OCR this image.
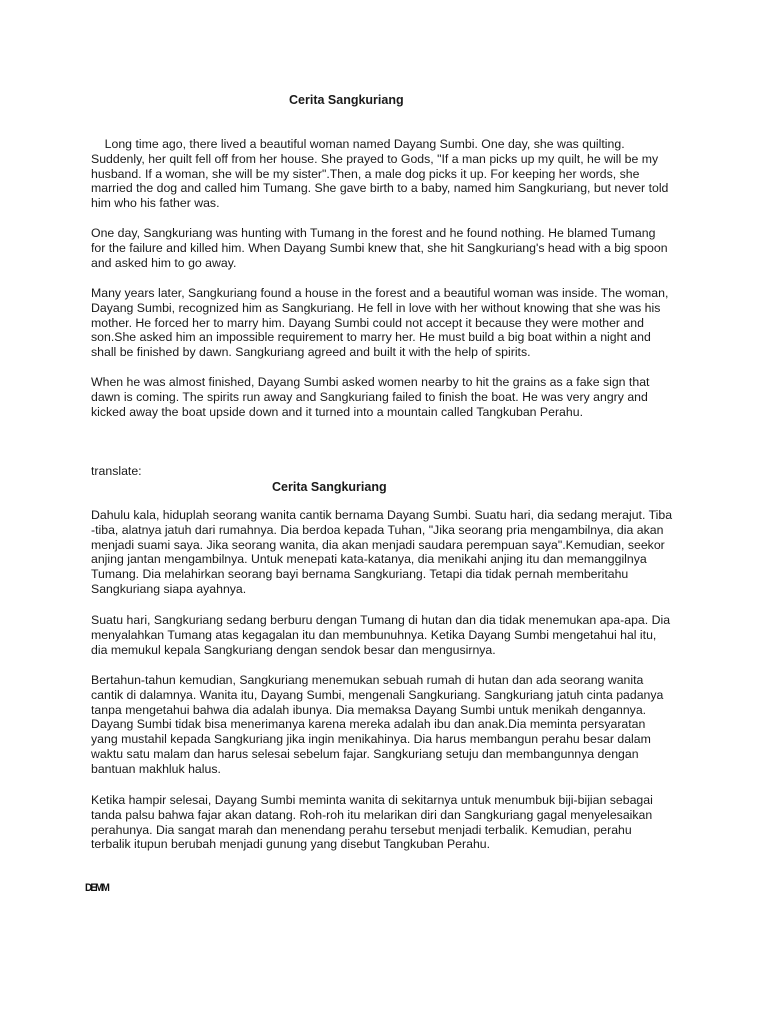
Cerita Sangkuriang
Long time ago, there lived a beautiful woman named Dayang Sumbi. One day, she was quilting.
Suddenly, her quilt fell off from her house. She prayed to Gods, "If a man picks up my quilt, he will be my
husband. If a woman, she will be my sister".Then, a male dog picks it up. For keeping her words, she
married the dog and called him Tumang. She gave birth to a baby, named him Sangkuriang, but never told
him who his father was.
One day, Sangkuriang was hunting with Tumang in the forest and he found nothing. He blamed Tumang
for the failure and killed him. When Dayang Sumbi knew that, she hit Sangkuriang's head with a big spoon
and asked him to go away.
Many years later, Sangkuriang found a house in the forest and a beautiful woman was inside. The woman,
Dayang Sumbi, recognized him as Sangkuriang. He fell in love with her without knowing that she was his
mother. He forced her to marry him. Dayang Sumbi could not accept it because they were mother and
son.She asked him an impossible requirement to marry her. He must build a big boat within a night and
shall be finished by dawn. Sangkuriang agreed and built it with the help of spirits.
When he was almost finished, Dayang Sumbi asked women nearby to hit the grains as a fake sign that
dawn is coming. The spirits run away and Sangkuriang failed to finish the boat. He was very angry and
kicked away the boat upside down and it turned into a mountain called Tangkuban Perahu.
translate:
Cerita Sangkuriang
Dahulu kala, hiduplah seorang wanita cantik bernama Dayang Sumbi. Suatu hari, dia sedang merajut. Tiba
-tiba, alatnya jatuh dari rumahnya. Dia berdoa kepada Tuhan, "Jika seorang pria mengambilnya, dia akan
menjadi suami saya. Jika seorang wanita, dia akan menjadi saudara perempuan saya".Kemudian, seekor
anjing jantan mengambilnya. Untuk menepati kata-katanya, dia menikahi anjing itu dan memanggilnya
Tumang. Dia melahirkan seorang bayi bernama Sangkuriang. Tetapi dia tidak pernah memberitahu
Sangkuriang siapa ayahnya.
Suatu hari, Sangkuriang sedang berburu dengan Tumang di hutan dan dia tidak menemukan apa-apa. Dia
menyalahkan Tumang atas kegagalan itu dan membunuhnya. Ketika Dayang Sumbi mengetahui hal itu,
dia memukul kepala Sangkuriang dengan sendok besar dan mengusirnya.
Bertahun-tahun kemudian, Sangkuriang menemukan sebuah rumah di hutan dan ada seorang wanita
cantik di dalamnya. Wanita itu, Dayang Sumbi, mengenali Sangkuriang. Sangkuriang jatuh cinta padanya
tanpa mengetahui bahwa dia adalah ibunya. Dia memaksa Dayang Sumbi untuk menikah dengannya.
Dayang Sumbi tidak bisa menerimanya karena mereka adalah ibu dan anak.Dia meminta persyaratan
yang mustahil kepada Sangkuriang jika ingin menikahinya. Dia harus membangun perahu besar dalam
waktu satu malam dan harus selesai sebelum fajar. Sangkuriang setuju dan membangunnya dengan
bantuan makhluk halus.
Ketika hampir selesai, Dayang Sumbi meminta wanita di sekitarnya untuk menumbuk biji-bijian sebagai
tanda palsu bahwa fajar akan datang. Roh-roh itu melarikan diri dan Sangkuriang gagal menyelesaikan
perahunya. Dia sangat marah dan menendang perahu tersebut menjadi terbalik. Kemudian, perahu
terbalik itupun berubah menjadi gunung yang disebut Tangkuban Perahu.
DEMM
